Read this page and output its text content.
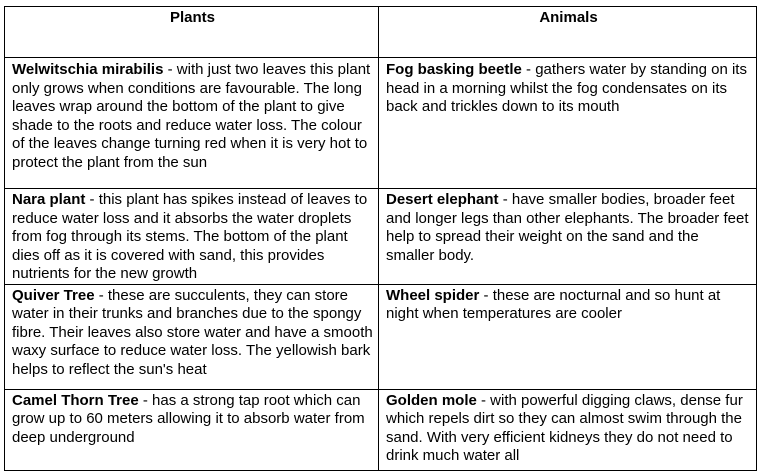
Plants	Animals
Welwitschia mirabilis - with just two leaves this plant only grows when conditions are favourable. The long leaves wrap around the bottom of the plant to give shade to the roots and reduce water loss. The colour of the leaves change turning red when it is very hot to protect the plant from the sun	Fog basking beetle - gathers water by standing on its head in a morning whilst the fog condensates on its back and trickles down to its mouth
Nara plant - this plant has spikes instead of leaves to reduce water loss and it absorbs the water droplets from fog through its stems. The bottom of the plant dies off as it is covered with sand, this provides nutrients for the new growth	Desert elephant - have smaller bodies, broader feet and longer legs than other elephants. The broader feet help to spread their weight on the sand and the smaller body.
Quiver Tree - these are succulents, they can store water in their trunks and branches due to the spongy fibre. Their leaves also store water and have a smooth waxy surface to reduce water loss. The yellowish bark helps to reflect the sun's heat	Wheel spider - these are nocturnal and so hunt at night when temperatures are cooler
Camel Thorn Tree - has a strong tap root which can grow up to 60 meters allowing it to absorb water from deep underground	Golden mole - with powerful digging claws, dense fur which repels dirt so they can almost swim through the sand. With very efficient kidneys they do not need to drink much water all
